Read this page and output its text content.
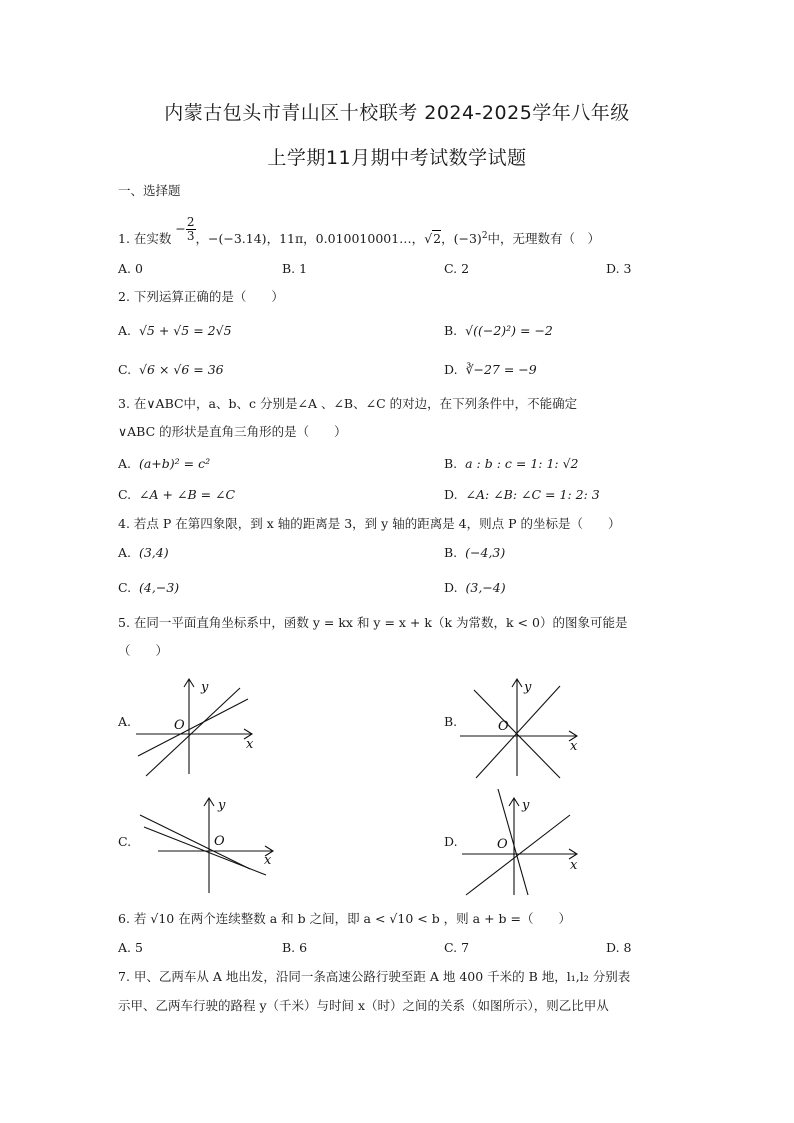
内蒙古包头市青山区十校联考 2024-2025学年八年级
上学期11月期中考试数学试题
一、选择题
1. 在实数 − $\frac{2}{3}$ ，−(−3.14)，11π，0.010010001…，√2，$(-3)^2$中，无理数有（　）
A. 0	B. 1	C. 2	D. 3
2. 下列运算正确的是（　　）
A. √5 + √5 = 2√5	B. √((−2)²) = −2
C. √6 × √6 = 36	D. ∛−27 = −9
3. 在∨ABC中，a、b、c 分别是∠A 、∠B、∠C 的对边，在下列条件中，不能确定
∨ABC 的形状是直角三角形的是（　　）
A. (a+b)² = c²	B. a : b : c = 1: 1: √2
C. ∠A + ∠B = ∠C	D. ∠A: ∠B: ∠C = 1: 2: 3
4. 若点 P 在第四象限，到 x 轴的距离是 3，到 y 轴的距离是 4，则点 P 的坐标是（　　）
A. (3,4)	B. (−4,3)
C. (4,−3)	D. (3,−4)
5. 在同一平面直角坐标系中，函数 y = kx 和 y = x + k（k 为常数，k < 0）的图象可能是
（　　）
A.	O
y
x
B.	O
y
x
C.	O
y
x
D.	O
y
x
6. 若 √10 在两个连续整数 a 和 b 之间，即 a < √10 < b ，则 a + b =（　　）
A. 5	B. 6	C. 7	D. 8
7. 甲、乙两车从 A 地出发，沿同一条高速公路行驶至距 A 地 400 千米的 B 地，l₁,l₂ 分别表
示甲、乙两车行驶的路程 y（千米）与时间 x（时）之间的关系（如图所示），则乙比甲从
